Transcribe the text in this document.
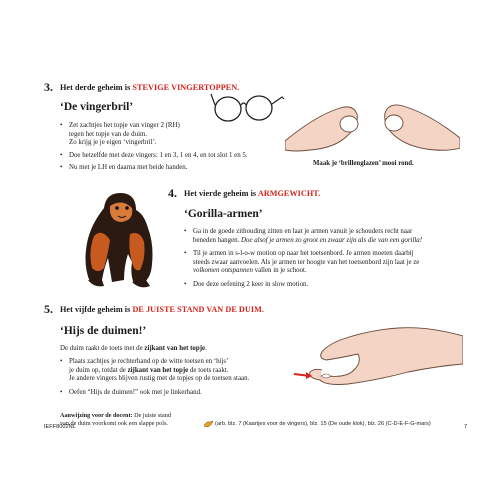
3. Het derde geheim is STEVIGE VINGERTOPPEN.
‘De vingerbril’
• Zet zachtjes het topje van vinger 2 (RH)
tegen het topje van de duim.
Zo krijg je je eigen ‘vingerbril’.
• Doe hetzelfde met deze vingers: 1 en 3, 1 en 4, en tot slot 1 en 5.
• Nu met je LH en daarna met beide handen.
Maak je ‘brillenglazen’ mooi rond.
4. Het vierde geheim is ARMGEWICHT.
‘Gorilla-armen’
• Ga in de goede zithouding zitten en laat je armen vanuit je schouders recht naar
beneden hangen. Doe alsof je armen zo groot en zwaar zijn als die van een gorilla!
• Til je armen in s-l-o-w motion op naar het toetsenbord. Je armen moeten daarbij
steeds zwaar aanvoelen. Als je armen ter hoogte van het toetsenbord zijn laat je ze
volkomen ontspannen vallen in je schoot.
• Doe deze oefening 2 keer in slow motion.
5. Het vijfde geheim is DE JUISTE STAND VAN DE DUIM.
‘Hijs de duimen!’
De duim raakt de toets met de zijkant van het topje.
• Plaats zachtjes je rechterhand op de witte toetsen en ‘hijs’
je duim op, totdat de zijkant van het topje de toets raakt.
Je andere vingers blijven rustig met de topjes op de toetsen staan.
• Oefen “Hijs de duimen!” ook met je linkerhand.
Aanwijzing voor de docent: De juiste stand
van de duim voorkomt ook een slappe pols.
IEFF8002NL	(arb. blz. 7 (Kaartjes voor de vingers), blz. 15 (De oude klok), blz. 26 (C-D-E-F-G-mars)	7
